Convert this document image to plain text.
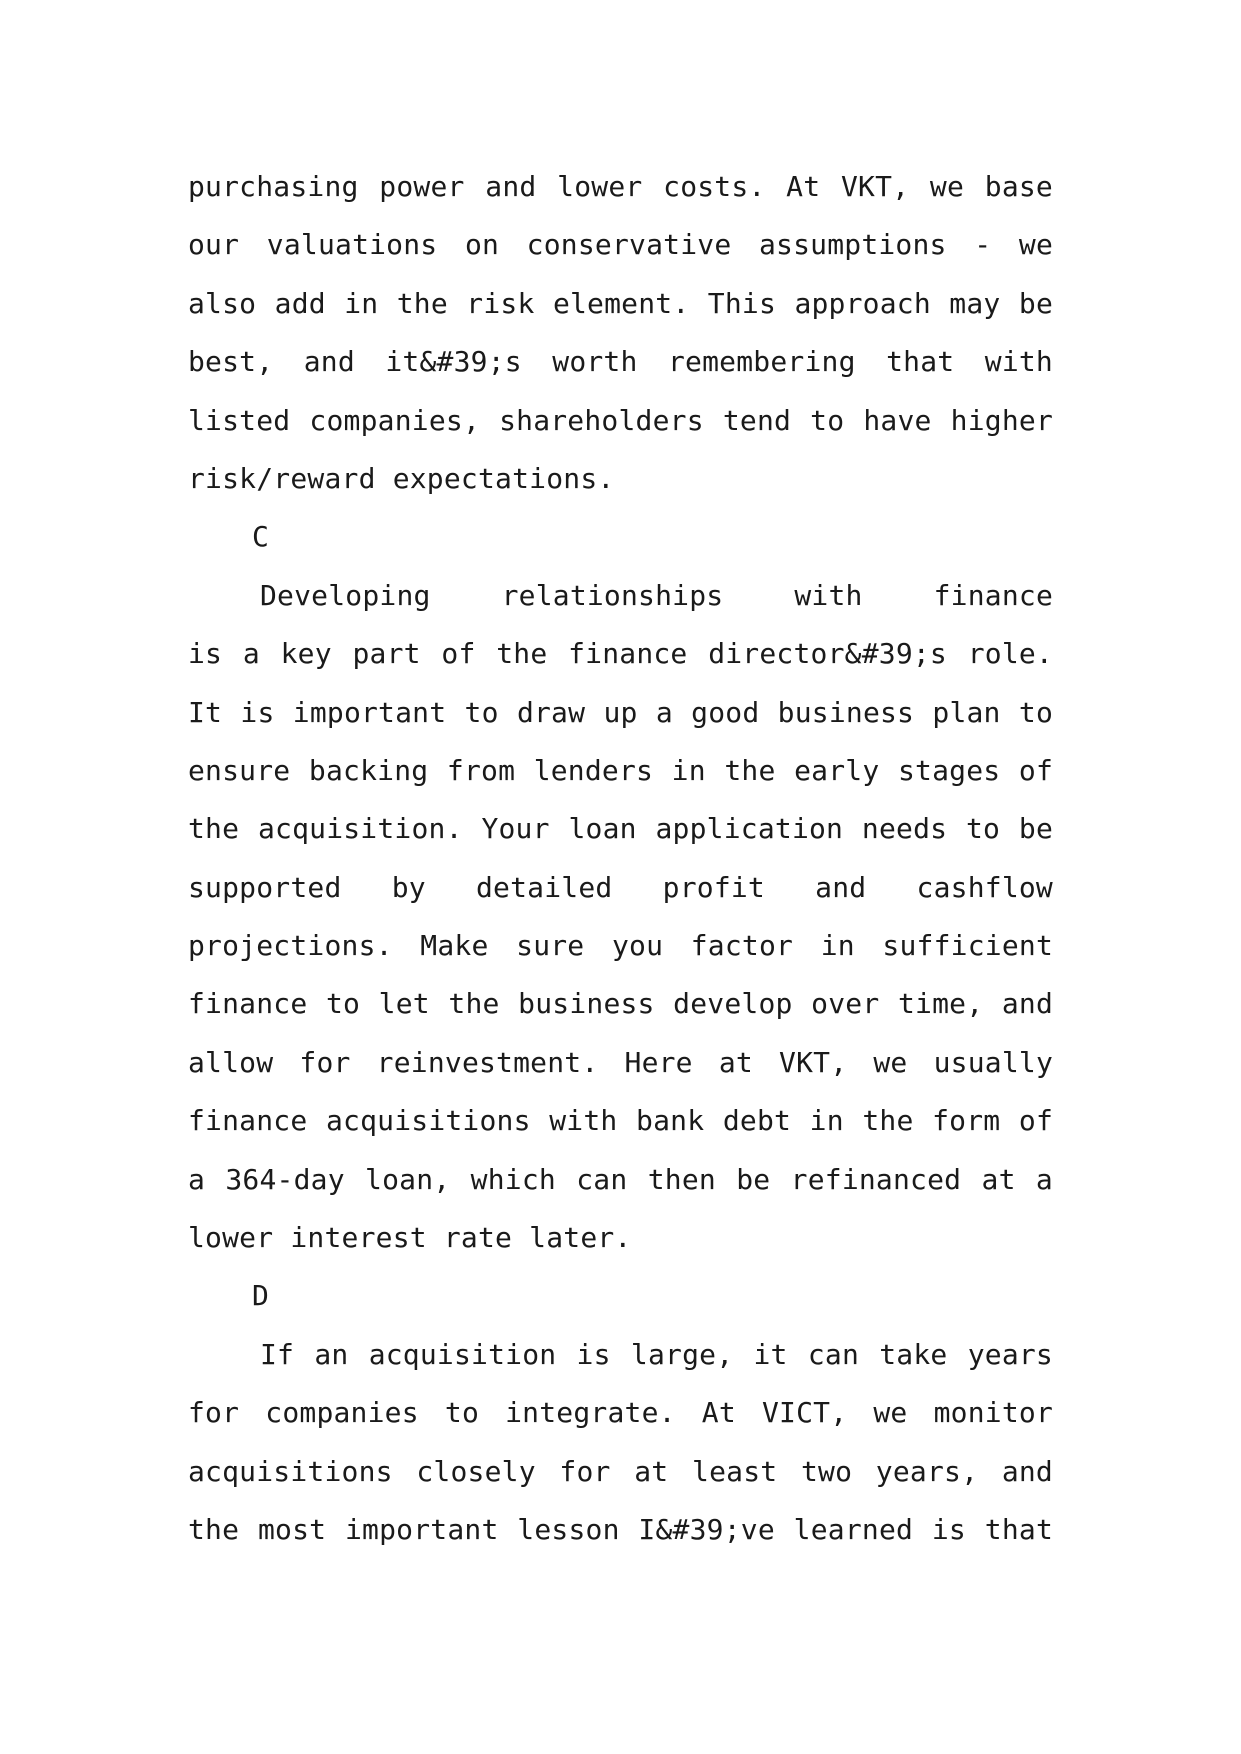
purchasing power and lower costs. At VKT, we base
our valuations on conservative assumptions - we
also add in the risk element. This approach may be
best, and it&#39;s worth remembering that with
listed companies, shareholders tend to have higher
risk/reward expectations.
C
Developing relationships with finance
is a key part of the finance director&#39;s role.
It is important to draw up a good business plan to
ensure backing from lenders in the early stages of
the acquisition. Your loan application needs to be
supported by detailed profit and cashflow
projections. Make sure you factor in sufficient
finance to let the business develop over time, and
allow for reinvestment. Here at VKT, we usually
finance acquisitions with bank debt in the form of
a 364-day loan, which can then be refinanced at a
lower interest rate later.
D
If an acquisition is large, it can take years
for companies to integrate. At VICT, we monitor
acquisitions closely for at least two years, and
the most important lesson I&#39;ve learned is that
